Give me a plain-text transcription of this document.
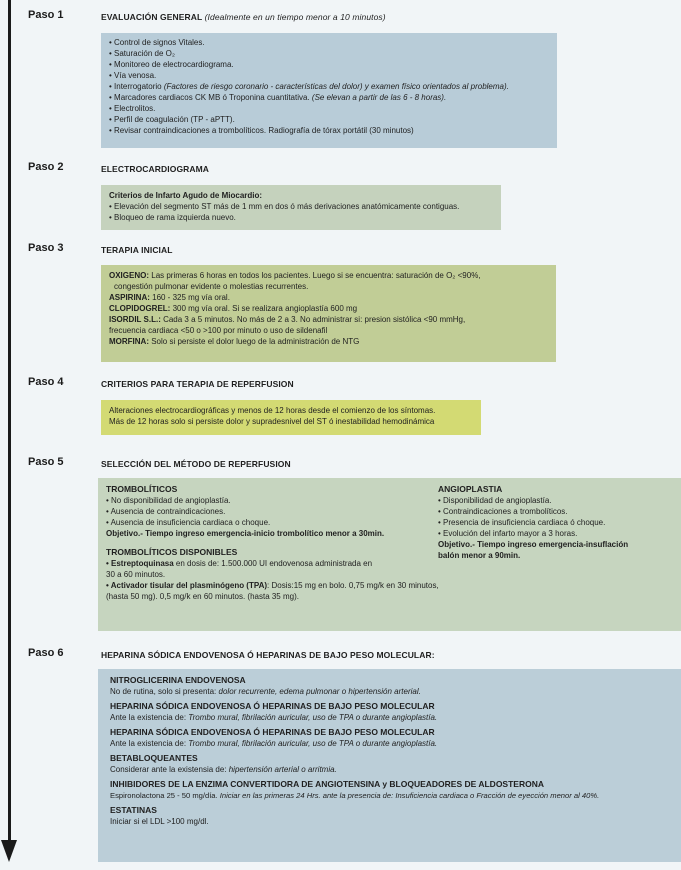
Paso 1	EVALUACIÓN GENERAL (Idealmente en un tiempo menor a 10 minutos)
• Control de signos Vitales.
• Saturación de O₂
• Monitoreo de electrocardiograma.
• Vía venosa.
• Interrogatorio (Factores de riesgo coronario - características del dolor) y examen físico orientados al problema).
• Marcadores cardiacos CK MB ó Troponina cuantitativa. (Se elevan a partir de las 6 - 8 horas).
• Electrolitos.
• Perfil de coagulación (TP - aPTT).
• Revisar contraindicaciones a trombolíticos. Radiografía de tórax portátil (30 minutos)
Paso 2	ELECTROCARDIOGRAMA
Criterios de Infarto Agudo de Miocardio:
• Elevación del segmento ST más de 1 mm en dos ó más derivaciones anatómicamente contiguas.
• Bloqueo de rama izquierda nuevo.
Paso 3	TERAPIA INICIAL
OXIGENO: Las primeras 6 horas en todos los pacientes. Luego si se encuentra: saturación de O₂ <90%,
congestión pulmonar evidente o molestias recurrentes.
ASPIRINA: 160 - 325 mg vía oral.
CLOPIDOGREL: 300 mg vía oral. Si se realizara angioplastía 600 mg
ISORDIL S.L.: Cada 3 a 5 minutos. No más de 2 a 3. No administrar si: presion sistólica <90 mmHg,
frecuencia cardiaca <50 o >100 por minuto o uso de sildenafil
MORFINA: Solo si persiste el dolor luego de la administración de NTG
Paso 4	CRITERIOS PARA TERAPIA DE REPERFUSION
Alteraciones electrocardiográficas y menos de 12 horas desde el comienzo de los síntomas.
Más de 12 horas solo si persiste dolor y supradesnivel del ST ó inestabilidad hemodinámica
Paso 5	SELECCIÓN DEL MÉTODO DE REPERFUSION
TROMBOLÍTICOS
• No disponibilidad de angioplastía.
• Ausencia de contraindicaciones.
• Ausencia de insuficiencia cardiaca o choque.
Objetivo.- Tiempo ingreso emergencia-inicio trombolítico menor a 30min.
TROMBOLÍTICOS DISPONIBLES
• Estreptoquinasa en dosis de: 1.500.000 UI endovenosa administrada en
30 a 60 minutos.
• Activador tisular del plasminógeno (TPA): Dosis:15 mg en bolo. 0,75 mg/k en 30 minutos,
(hasta 50 mg). 0,5 mg/k en 60 minutos. (hasta 35 mg).
ANGIOPLASTIA
• Disponibilidad de angioplastía.
• Contraindicaciones a trombolíticos.
• Presencia de insuficiencia cardiaca ó choque.
• Evolución del infarto mayor a 3 horas.
Objetivo.- Tiempo ingreso emergencia-insuflación
balón menor a 90min.
Paso 6	HEPARINA SÓDICA ENDOVENOSA Ó HEPARINAS DE BAJO PESO MOLECULAR:
NITROGLICERINA ENDOVENOSA
No de rutina, solo si presenta: dolor recurrente, edema pulmonar o hipertensión arterial.
HEPARINA SÓDICA ENDOVENOSA Ó HEPARINAS DE BAJO PESO MOLECULAR
Ante la existencia de: Trombo mural, fibrilación auricular, uso de TPA o durante angioplastía.
HEPARINA SÓDICA ENDOVENOSA Ó HEPARINAS DE BAJO PESO MOLECULAR
Ante la existencia de: Trombo mural, fibrilación auricular, uso de TPA o durante angioplastía.
BETABLOQUEANTES
Considerar ante la existensia de: hipertensión arterial o arritmia.
INHIBIDORES DE LA ENZIMA CONVERTIDORA DE ANGIOTENSINA y BLOQUEADORES DE ALDOSTERONA
Espironolactona 25 - 50 mg/día. Iniciar en las primeras 24 Hrs. ante la presencia de: Insuficiencia cardiaca o Fracción de eyección menor al 40%.
ESTATINAS
Iniciar si el LDL >100 mg/dl.
